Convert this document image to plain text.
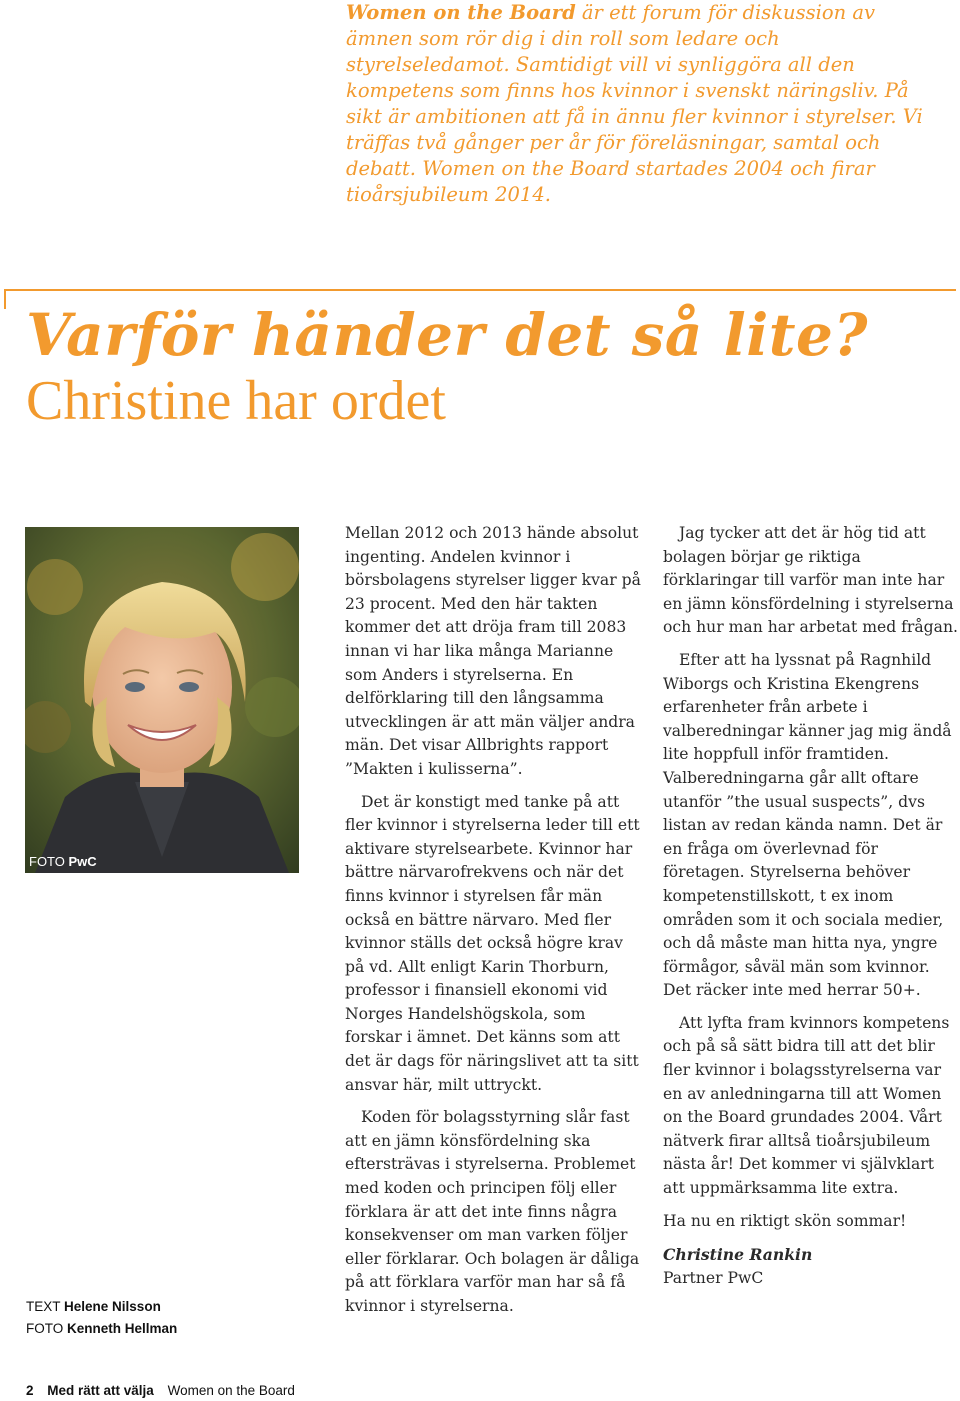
Women on the Board är ett forum för diskussion av ämnen som rör dig i din roll som ledare och styrelseledamot. Samtidigt vill vi synliggöra all den kompetens som finns hos kvinnor i svenskt näringsliv. På sikt är ambitionen att få in ännu fler kvinnor i styrelser. Vi träffas två gånger per år för föreläsningar, samtal och debatt. Women on the Board startades 2004 och firar tioårsjubileum 2014.

Varför händer det så lite?
Christine har ordet
FOTO PwC
TEXT Helene Nilsson
FOTO Kenneth Hellman

Mellan 2012 och 2013 hände absolut ingenting. Andelen kvinnor i börsbolagens styrelser ligger kvar på 23 procent. Med den här takten kommer det att dröja fram till 2083 innan vi har lika många Marianne som Anders i styrelserna. En delförklaring till den långsamma utvecklingen är att män väljer andra män. Det visar Allbrights rapport ”Makten i kulisserna”.

Det är konstigt med tanke på att fler kvinnor i styrelserna leder till ett aktivare styrelsearbete. Kvinnor har bättre närvarofrekvens och när det finns kvinnor i styrelsen får män också en bättre närvaro. Med fler kvinnor ställs det också högre krav på vd. Allt enligt Karin Thorburn, professor i finansiell ekonomi vid Norges Handelshögskola, som forskar i ämnet. Det känns som att det är dags för näringslivet att ta sitt ansvar här, milt uttryckt.

Koden för bolagsstyrning slår fast att en jämn könsfördelning ska eftersträvas i styrelserna. Problemet med koden och principen följ eller förklara är att det inte finns några konsekvenser om man varken följer eller förklarar. Och bolagen är dåliga på att förklara varför man har så få kvinnor i styrelserna.

Jag tycker att det är hög tid att bolagen börjar ge riktiga förklaringar till varför man inte har en jämn könsfördelning i styrelserna och hur man har arbetat med frågan.

Efter att ha lyssnat på Ragnhild Wiborgs och Kristina Ekengrens erfarenheter från arbete i valberedningar känner jag mig ändå lite hoppfull inför framtiden. Valberedningarna går allt oftare utanför ”the usual suspects”, dvs listan av redan kända namn. Det är en fråga om överlevnad för företagen. Styrelserna behöver kompetenstillskott, t ex inom områden som it och sociala medier, och då måste man hitta nya, yngre förmågor, såväl män som kvinnor. Det räcker inte med herrar 50+.

Att lyfta fram kvinnors kompetens och på så sätt bidra till att det blir fler kvinnor i bolagsstyrelserna var en av anledningarna till att Women on the Board grundades 2004. Vårt nätverk firar alltså tioårsjubileum nästa år! Det kommer vi självklart att uppmärksamma lite extra.

Ha nu en riktigt skön sommar!

Christine Rankin

Partner PwC

2 Med rätt att välja Women on the Board
